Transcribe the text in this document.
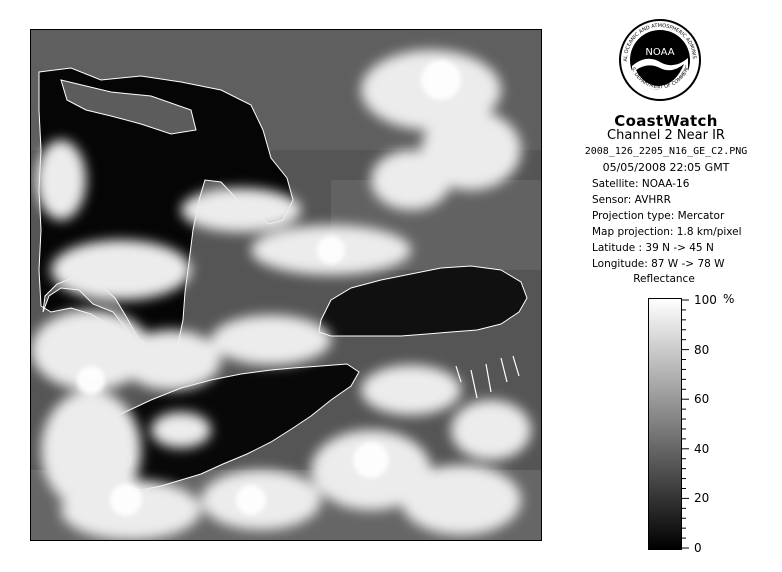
NOAA
AL OCEANIC AND ATMOSPHERIC ADMINIS
.S. DEPARTMENT OF COMMERC
CoastWatch
Channel 2 Near IR
2008_126_2205_N16_GE_C2.PNG
05/05/2008 22:05 GMT
Satellite: NOAA-16
Sensor: AVHRR
Projection type: Mercator
Map projection: 1.8 km/pixel
Latitude : 39 N -> 45 N
Longitude: 87 W -> 78 W
Reflectance
%
100
80
60
40
20
0
